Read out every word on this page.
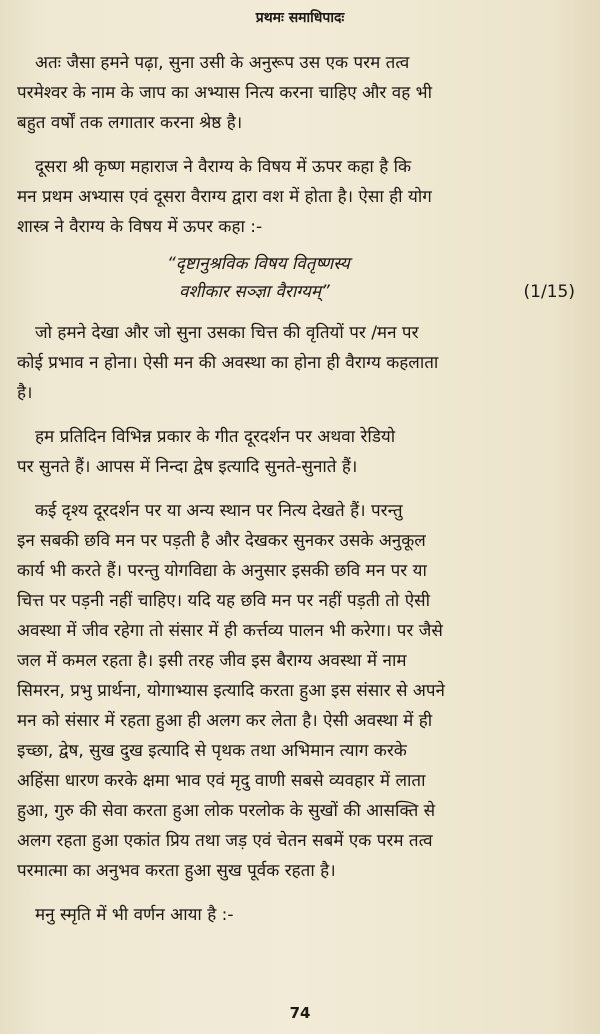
प्रथमः समाधिपादः
अतः जैसा हमने पढ़ा, सुना उसी के अनुरूप उस एक परम तत्व
परमेश्वर के नाम के जाप का अभ्यास नित्य करना चाहिए और वह भी
बहुत वर्षों तक लगातार करना श्रेष्ठ है।
दूसरा श्री कृष्ण महाराज ने वैराग्य के विषय में ऊपर कहा है कि
मन प्रथम अभ्यास एवं दूसरा वैराग्य द्वारा वश में होता है। ऐसा ही योग
शास्त्र ने वैराग्य के विषय में ऊपर कहा :-
“दृष्टानुश्रविक विषय वितृष्णस्य
वशीकार सञ्ज्ञा वैराग्यम्”	(1/15)
जो हमने देखा और जो सुना उसका चित्त की वृतियों पर /मन पर
कोई प्रभाव न होना। ऐसी मन की अवस्था का होना ही वैराग्य कहलाता
है।
हम प्रतिदिन विभिन्न प्रकार के गीत दूरदर्शन पर अथवा रेडियो
पर सुनते हैं। आपस में निन्दा द्वेष इत्यादि सुनते-सुनाते हैं।
कई दृश्य दूरदर्शन पर या अन्य स्थान पर नित्य देखते हैं। परन्तु
इन सबकी छवि मन पर पड़ती है और देखकर सुनकर उसके अनुकूल
कार्य भी करते हैं। परन्तु योगविद्या के अनुसार इसकी छवि मन पर या
चित्त पर पड़नी नहीं चाहिए। यदि यह छवि मन पर नहीं पड़ती तो ऐसी
अवस्था में जीव रहेगा तो संसार में ही कर्त्तव्य पालन भी करेगा। पर जैसे
जल में कमल रहता है। इसी तरह जीव इस बैराग्य अवस्था में नाम
सिमरन, प्रभु प्रार्थना, योगाभ्यास इत्यादि करता हुआ इस संसार से अपने
मन को संसार में रहता हुआ ही अलग कर लेता है। ऐसी अवस्था में ही
इच्छा, द्वेष, सुख दुख इत्यादि से पृथक तथा अभिमान त्याग करके
अहिंसा धारण करके क्षमा भाव एवं मृदु वाणी सबसे व्यवहार में लाता
हुआ, गुरु की सेवा करता हुआ लोक परलोक के सुखों की आसक्ति से
अलग रहता हुआ एकांत प्रिय तथा जड़ एवं चेतन सबमें एक परम तत्व
परमात्मा का अनुभव करता हुआ सुख पूर्वक रहता है।
मनु स्मृति में भी वर्णन आया है :-
74
